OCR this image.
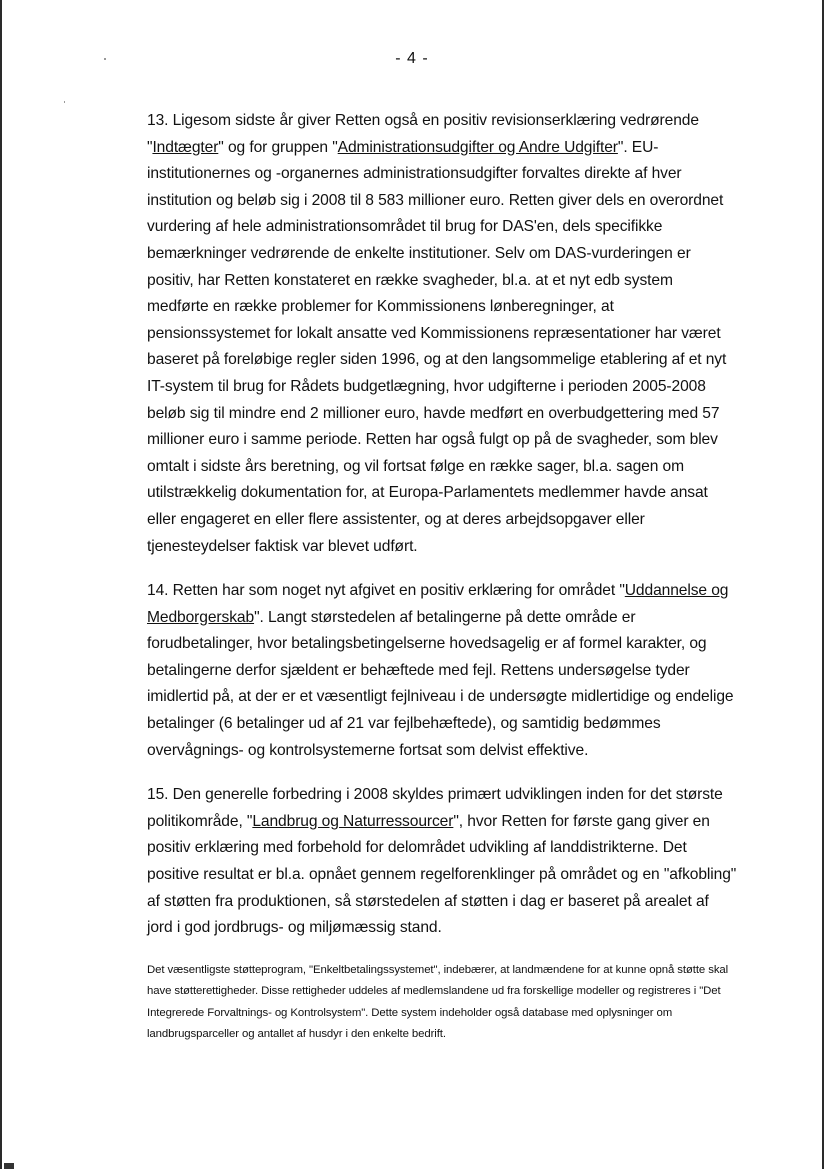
- 4 -

13. Ligesom sidste år giver Retten også en positiv revisionserklæring vedrørende "Indtægter" og for gruppen "Administrationsudgifter og Andre Udgifter". EU-institutionernes og -organernes administrationsudgifter forvaltes direkte af hver institution og beløb sig i 2008 til 8 583 millioner euro. Retten giver dels en overordnet vurdering af hele administrationsområdet til brug for DAS'en, dels specifikke bemærkninger vedrørende de enkelte institutioner. Selv om DAS-vurderingen er positiv, har Retten konstateret en række svagheder, bl.a. at et nyt edb system medførte en række problemer for Kommissionens lønberegninger, at pensionssystemet for lokalt ansatte ved Kommissionens repræsentationer har været baseret på foreløbige regler siden 1996, og at den langsommelige etablering af et nyt IT-system til brug for Rådets budgetlægning, hvor udgifterne i perioden 2005-2008 beløb sig til mindre end 2 millioner euro, havde medført en overbudgettering med 57 millioner euro i samme periode. Retten har også fulgt op på de svagheder, som blev omtalt i sidste års beretning, og vil fortsat følge en række sager, bl.a. sagen om utilstrækkelig dokumentation for, at Europa-Parlamentets medlemmer havde ansat eller engageret en eller flere assistenter, og at deres arbejdsopgaver eller tjenesteydelser faktisk var blevet udført.

14. Retten har som noget nyt afgivet en positiv erklæring for området "Uddannelse og Medborgerskab". Langt størstedelen af betalingerne på dette område er forudbetalinger, hvor betalingsbetingelserne hovedsagelig er af formel karakter, og betalingerne derfor sjældent er behæftede med fejl. Rettens undersøgelse tyder imidlertid på, at der er et væsentligt fejlniveau i de undersøgte midlertidige og endelige betalinger (6 betalinger ud af 21 var fejlbehæftede), og samtidig bedømmes overvågnings- og kontrolsystemerne fortsat som delvist effektive.

15. Den generelle forbedring i 2008 skyldes primært udviklingen inden for det største politikområde, "Landbrug og Naturressourcer", hvor Retten for første gang giver en positiv erklæring med forbehold for delområdet udvikling af landdistrikterne. Det positive resultat er bl.a. opnået gennem regelforenklinger på området og en "afkobling" af støtten fra produktionen, så størstedelen af støtten i dag er baseret på arealet af jord i god jordbrugs- og miljømæssig stand.

Det væsentligste støtteprogram, "Enkeltbetalingssystemet", indebærer, at landmændene for at kunne opnå støtte skal have støtterettigheder. Disse rettigheder uddeles af medlemslandene ud fra forskellige modeller og registreres i "Det Integrerede Forvaltnings- og Kontrolsystem". Dette system indeholder også database med oplysninger om landbrugsparceller og antallet af husdyr i den enkelte bedrift.
